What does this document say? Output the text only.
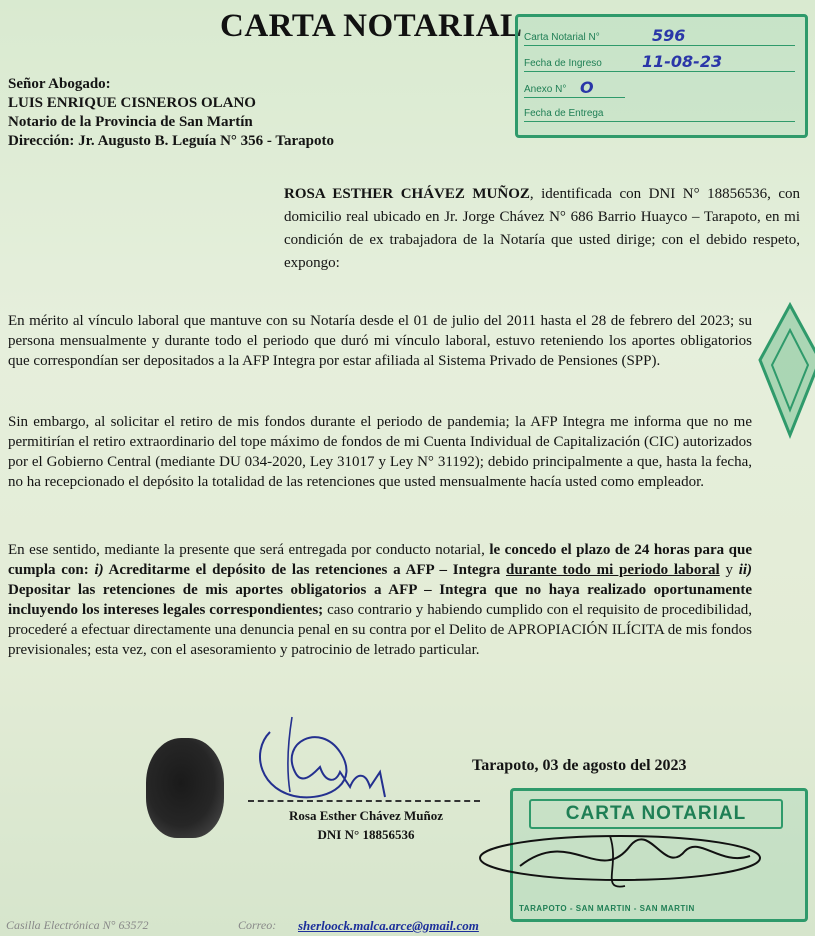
CARTA NOTARIAL Carta Notarial N°	596
Fecha de Ingreso	11-08-23
Anexo N° O
Fecha de Entrega
Señor Abogado:
LUIS ENRIQUE CISNEROS OLANO
Notario de la Provincia de San Martín
Dirección: Jr. Augusto B. Leguía N° 356 - Tarapoto
ROSA ESTHER CHÁVEZ MUÑOZ, identificada con DNI N° 18856536, con domicilio real ubicado en Jr. Jorge Chávez N° 686 Barrio Huayco – Tarapoto, en mi condición de ex trabajadora de la Notaría que usted dirige; con el debido respeto, expongo:

En mérito al vínculo laboral que mantuve con su Notaría desde el 01 de julio del 2011 hasta el 28 de febrero del 2023; su persona mensualmente y durante todo el periodo que duró mi vínculo laboral, estuvo reteniendo los aportes obligatorios que correspondían ser depositados a la AFP Integra por estar afiliada al Sistema Privado de Pensiones (SPP).

Sin embargo, al solicitar el retiro de mis fondos durante el periodo de pandemia; la AFP Integra me informa que no me permitirían el retiro extraordinario del tope máximo de fondos de mi Cuenta Individual de Capitalización (CIC) autorizados por el Gobierno Central (mediante DU 034-2020, Ley 31017 y Ley N° 31192); debido principalmente a que, hasta la fecha, no ha recepcionado el depósito la totalidad de las retenciones que usted mensualmente hacía usted como empleador.

En ese sentido, mediante la presente que será entregada por conducto notarial, le concedo el plazo de 24 horas para que cumpla con: i) Acreditarme el depósito de las retenciones a AFP – Integra durante todo mi periodo laboral y ii) Depositar las retenciones de mis aportes obligatorios a AFP – Integra que no haya realizado oportunamente incluyendo los intereses legales correspondientes; caso contrario y habiendo cumplido con el requisito de procedibilidad, procederé a efectuar directamente una denuncia penal en su contra por el Delito de APROPIACIÓN ILÍCITA de mis fondos previsionales; esta vez, con el asesoramiento y patrocinio de letrado particular.

Tarapoto, 03 de agosto del 2023
Rosa Esther Chávez Muñoz
DNI N° 18856536
CARTA NOTARIAL
TARAPOTO - SAN MARTIN - SAN MARTIN
Casilla Electrónica N° 63572	Correo: sherloock.malca.arce@gmail.com
